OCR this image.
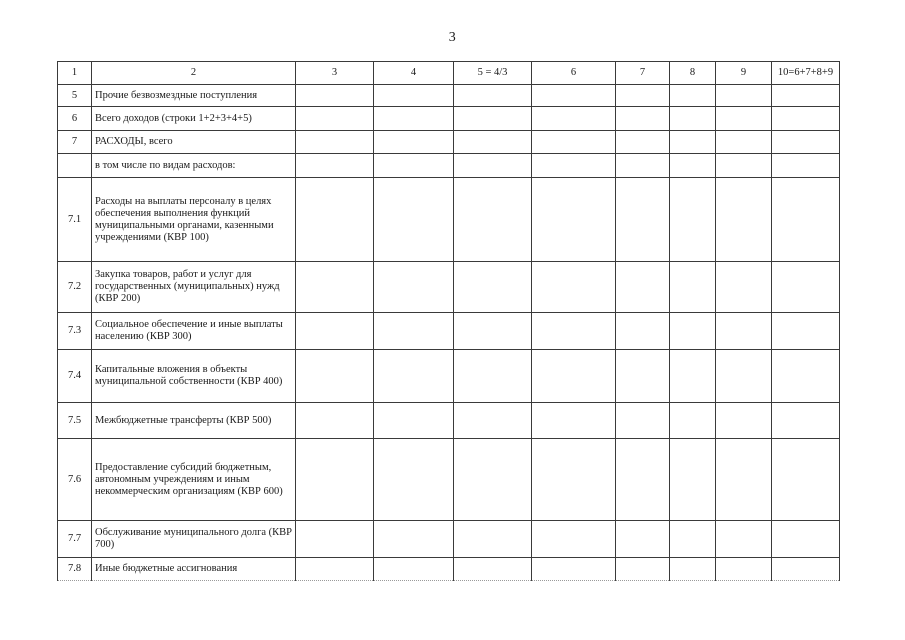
3
1	2	3	4	5 = 4/3	6	7	8	9	10=6+7+8+9
5	Прочие безвозмездные поступления								
6	Всего доходов (строки 1+2+3+4+5)								
7	РАСХОДЫ, всего								
	в том числе по видам расходов:								
7.1	Расходы на выплаты персоналу в целях обеспечения выполнения функций муниципальными органами, казенными учреждениями (КВР 100)								
7.2	Закупка товаров, работ и услуг для государственных (муниципальных) нужд (КВР 200)								
7.3	Социальное обеспечение и иные выплаты населению (КВР 300)								
7.4	Капитальные вложения в объекты муниципальной собственности (КВР 400)								
7.5	Межбюджетные трансферты (КВР 500)								
7.6	Предоставление субсидий бюджетным, автономным учреждениям и иным некоммерческим организациям (КВР 600)								
7.7	Обслуживание муниципального долга (КВР 700)								
7.8	Иные бюджетные ассигнования								
